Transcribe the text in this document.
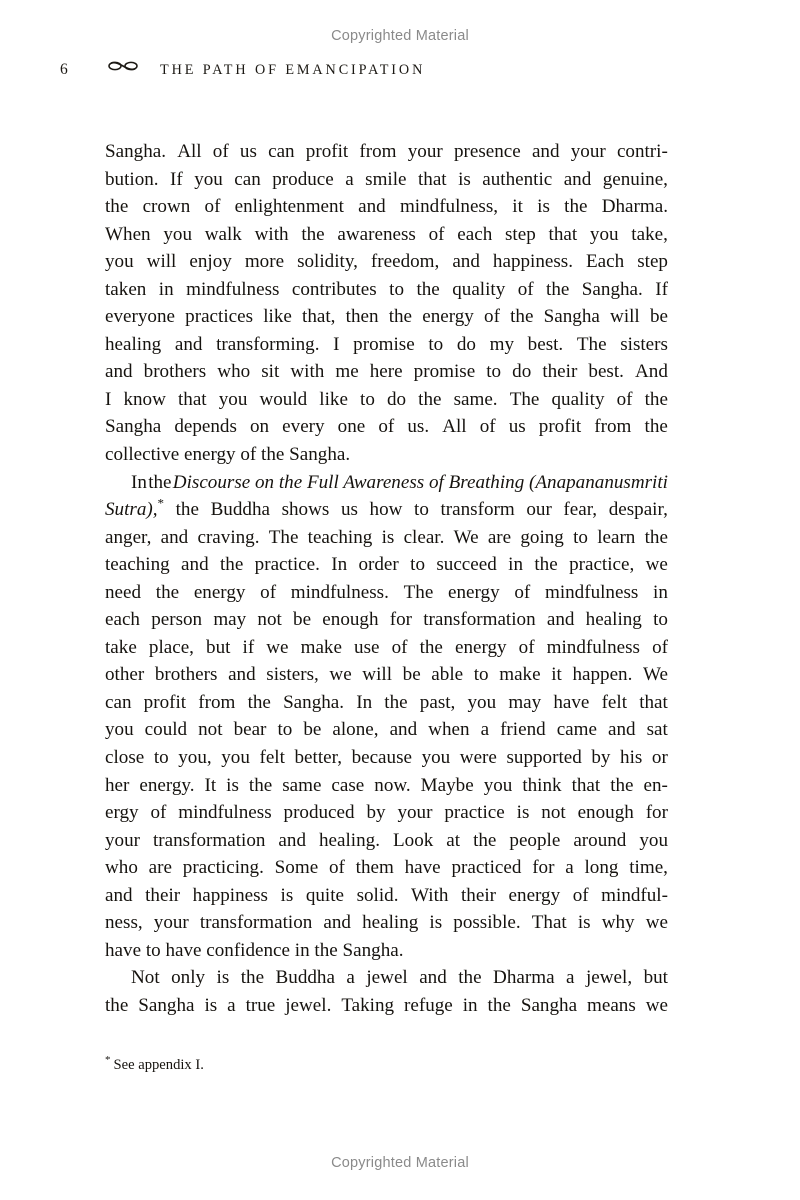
Copyrighted Material
6	THE PATH OF EMANCIPATION
Sangha. All of us can profit from your presence and your contri-
bution. If you can produce a smile that is authentic and genuine,
the crown of enlightenment and mindfulness, it is the Dharma.
When you walk with the awareness of each step that you take,
you will enjoy more solidity, freedom, and happiness. Each step
taken in mindfulness contributes to the quality of the Sangha. If
everyone practices like that, then the energy of the Sangha will be
healing and transforming. I promise to do my best. The sisters
and brothers who sit with me here promise to do their best. And
I know that you would like to do the same. The quality of the
Sangha depends on every one of us. All of us profit from the
collective energy of the Sangha.
In the Discourse on the Full Awareness of Breathing (Anapananusmriti
Sutra),* the Buddha shows us how to transform our fear, despair,
anger, and craving. The teaching is clear. We are going to learn the
teaching and the practice. In order to succeed in the practice, we
need the energy of mindfulness. The energy of mindfulness in
each person may not be enough for transformation and healing to
take place, but if we make use of the energy of mindfulness of
other brothers and sisters, we will be able to make it happen. We
can profit from the Sangha. In the past, you may have felt that
you could not bear to be alone, and when a friend came and sat
close to you, you felt better, because you were supported by his or
her energy. It is the same case now. Maybe you think that the en-
ergy of mindfulness produced by your practice is not enough for
your transformation and healing. Look at the people around you
who are practicing. Some of them have practiced for a long time,
and their happiness is quite solid. With their energy of mindful-
ness, your transformation and healing is possible. That is why we
have to have confidence in the Sangha.
Not only is the Buddha a jewel and the Dharma a jewel, but
the Sangha is a true jewel. Taking refuge in the Sangha means we
* See appendix I.
Copyrighted Material
